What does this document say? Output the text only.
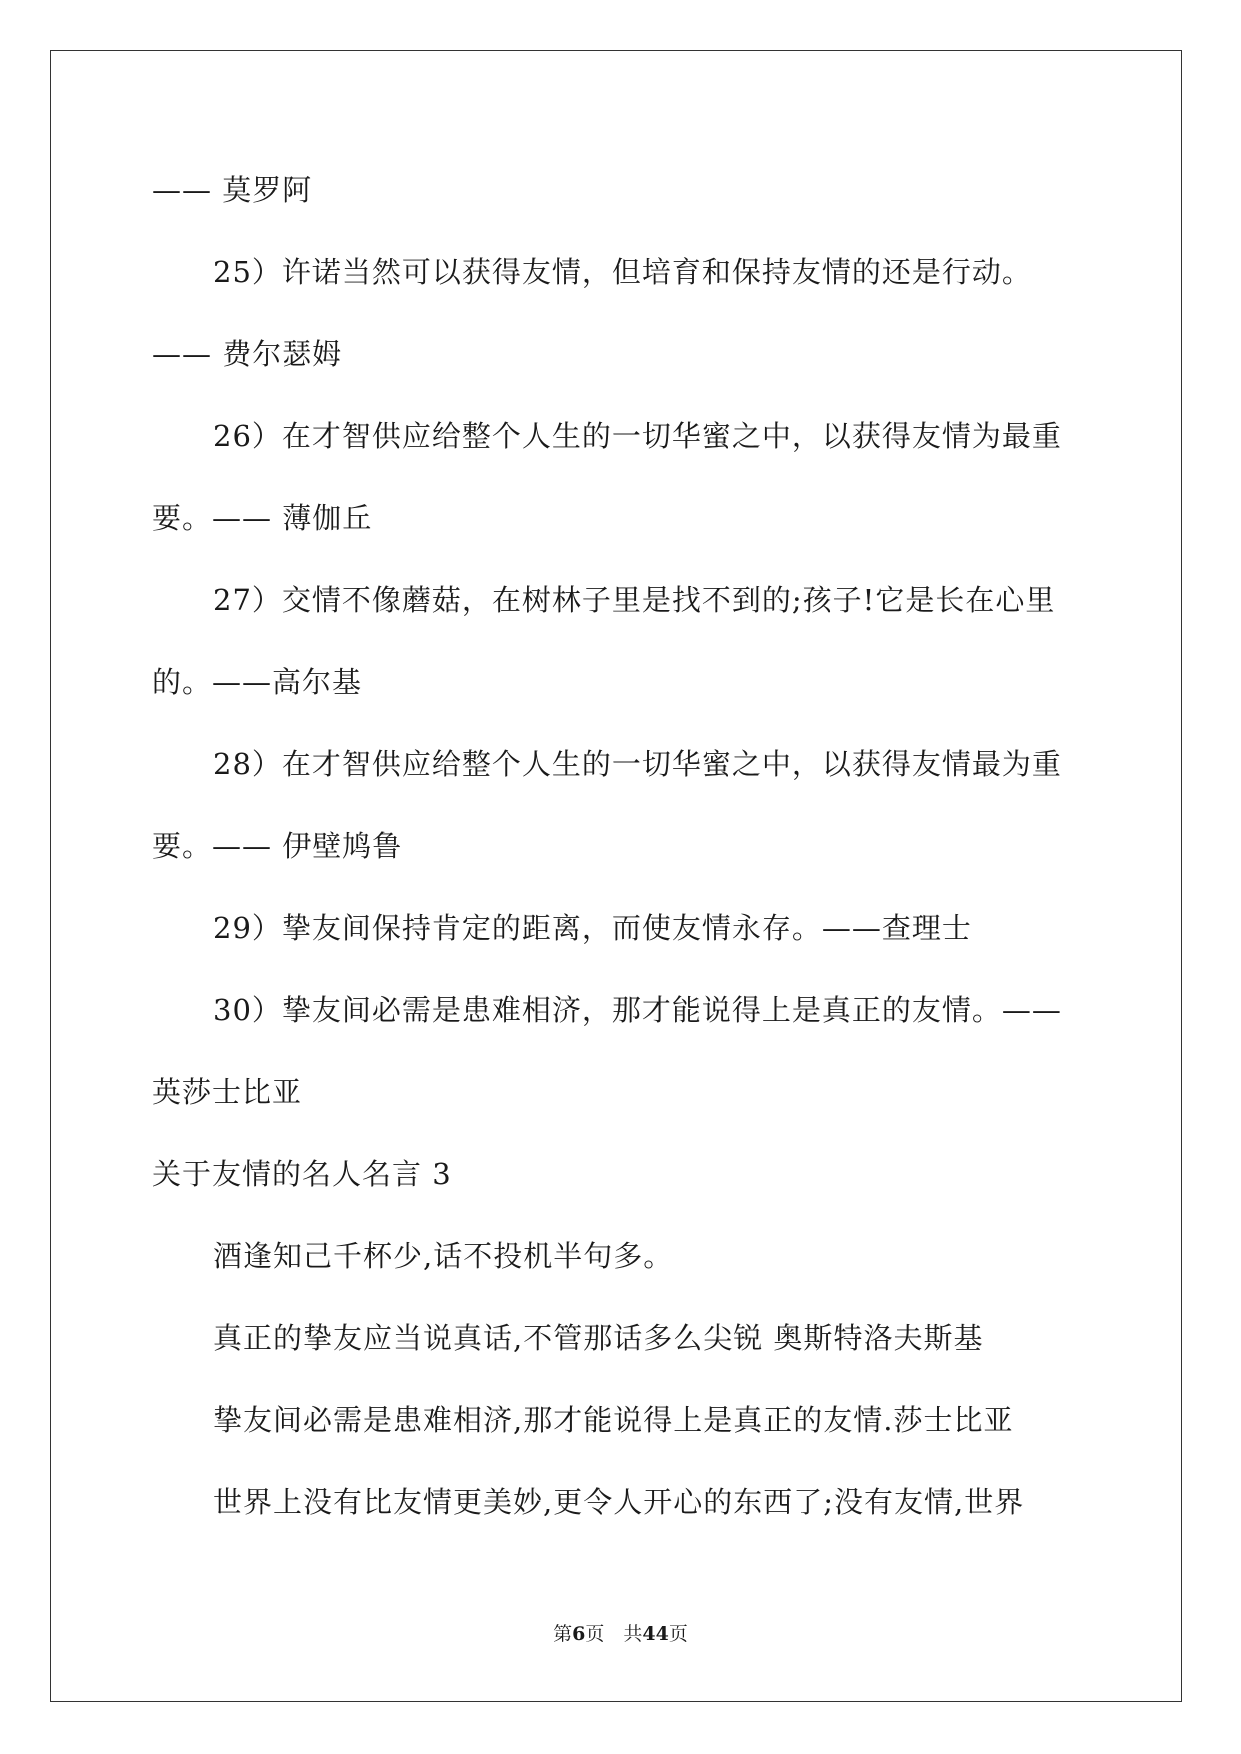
—— 莫罗阿

25）许诺当然可以获得友情，但培育和保持友情的还是行动。

—— 费尔瑟姆

26）在才智供应给整个人生的一切华蜜之中，以获得友情为最重

要。—— 薄伽丘

27）交情不像蘑菇，在树林子里是找不到的;孩子!它是长在心里

的。——高尔基

28）在才智供应给整个人生的一切华蜜之中，以获得友情最为重

要。—— 伊壁鸠鲁

29）挚友间保持肯定的距离，而使友情永存。——查理士

30）挚友间必需是患难相济，那才能说得上是真正的友情。——

英莎士比亚

关于友情的名人名言 3

酒逢知己千杯少,话不投机半句多。

真正的挚友应当说真话,不管那话多么尖锐 奥斯特洛夫斯基

挚友间必需是患难相济,那才能说得上是真正的友情.莎士比亚

世界上没有比友情更美妙,更令人开心的东西了;没有友情,世界

第6页　共44页
